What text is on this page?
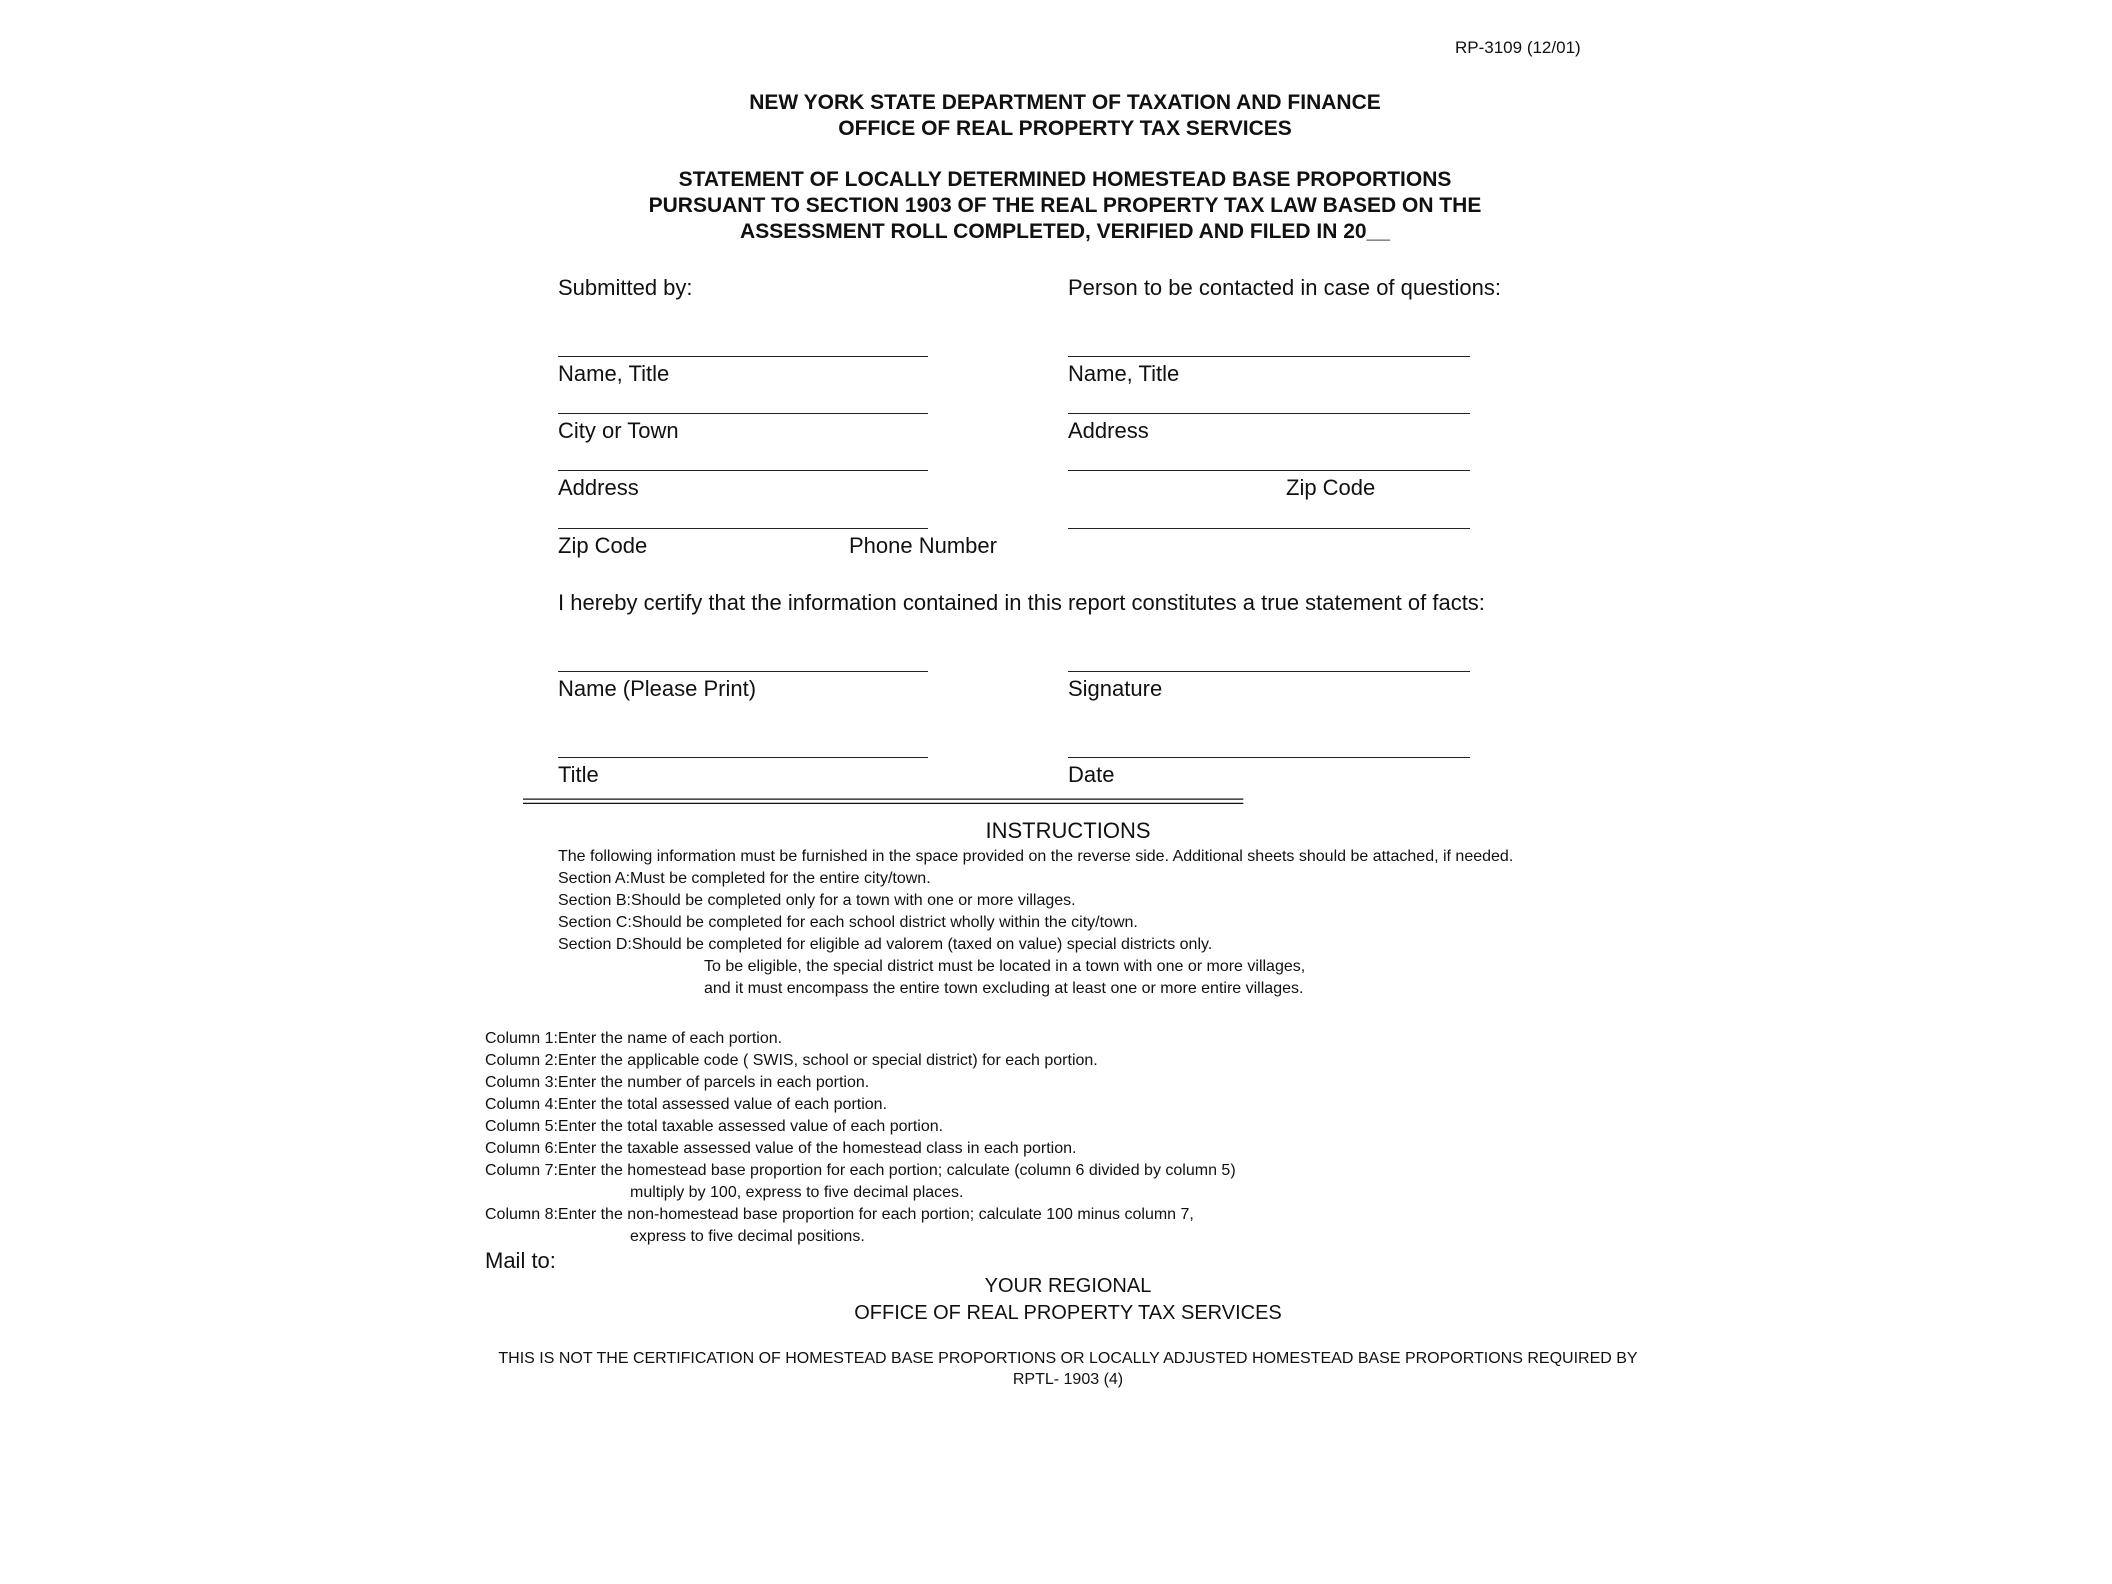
RP-3109 (12/01)
NEW YORK STATE DEPARTMENT OF TAXATION AND FINANCE
OFFICE OF REAL PROPERTY TAX SERVICES
STATEMENT OF LOCALLY DETERMINED HOMESTEAD BASE PROPORTIONS
PURSUANT TO SECTION 1903 OF THE REAL PROPERTY TAX LAW BASED ON THE
ASSESSMENT ROLL COMPLETED, VERIFIED AND FILED IN 20__
Submitted by:
Name, Title
City or Town
Address
Zip Code	Phone Number
Person to be contacted in case of questions:
Name, Title
Address
Zip Code
I hereby certify that the information contained in this report constitutes a true statement of facts:
Name (Please Print)	Signature
Title	Date
==========================================================================================
INSTRUCTIONS
The following information must be furnished in the space provided on the reverse side. Additional sheets should be attached, if needed.
Section A: Must be completed for the entire city/town.
Section B: Should be completed only for a town with one or more villages.
Section C: Should be completed for each school district wholly within the city/town.
Section D: Should be completed for eligible ad valorem (taxed on value) special districts only.
To be eligible, the special district must be located in a town with one or more villages,
and it must encompass the entire town excluding at least one or more entire villages.
Column 1: Enter the name of each portion.
Column 2: Enter the applicable code ( SWIS, school or special district) for each portion.
Column 3: Enter the number of parcels in each portion.
Column 4: Enter the total assessed value of each portion.
Column 5: Enter the total taxable assessed value of each portion.
Column 6: Enter the taxable assessed value of the homestead class in each portion.
Column 7: Enter the homestead base proportion for each portion; calculate (column 6 divided by column 5)
multiply by 100, express to five decimal places.
Column 8: Enter the non-homestead base proportion for each portion; calculate 100 minus column 7,
express to five decimal positions.
Mail to:
YOUR REGIONAL
OFFICE OF REAL PROPERTY TAX SERVICES
THIS IS NOT THE CERTIFICATION OF HOMESTEAD BASE PROPORTIONS OR LOCALLY ADJUSTED HOMESTEAD BASE PROPORTIONS REQUIRED BY
RPTL- 1903 (4)
